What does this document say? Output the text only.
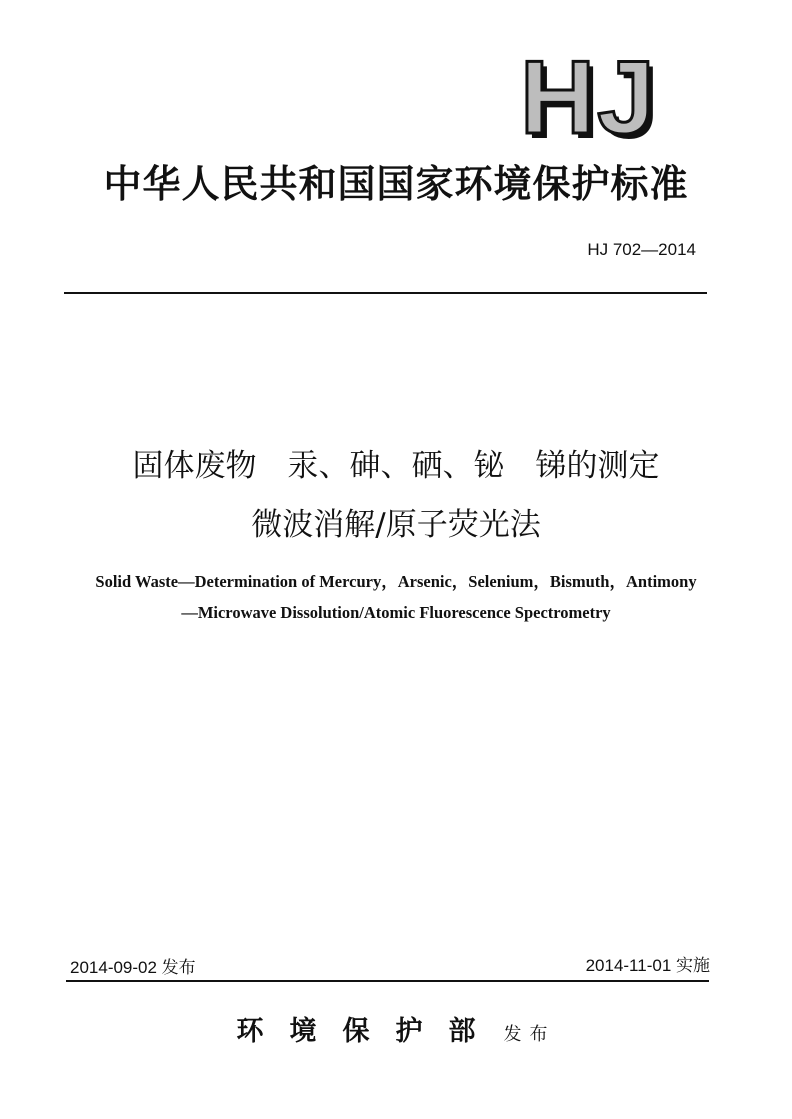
HJ
中华人民共和国国家环境保护标准
HJ 702—2014
固体废物　汞、砷、硒、铋　锑的测定
微波消解/原子荧光法
Solid Waste—Determination of Mercury，Arsenic，Selenium，Bismuth，Antimony
—Microwave Dissolution/Atomic Fluorescence Spectrometry
2014-09-02 发布	2014-11-01 实施
环境保护部 发布
